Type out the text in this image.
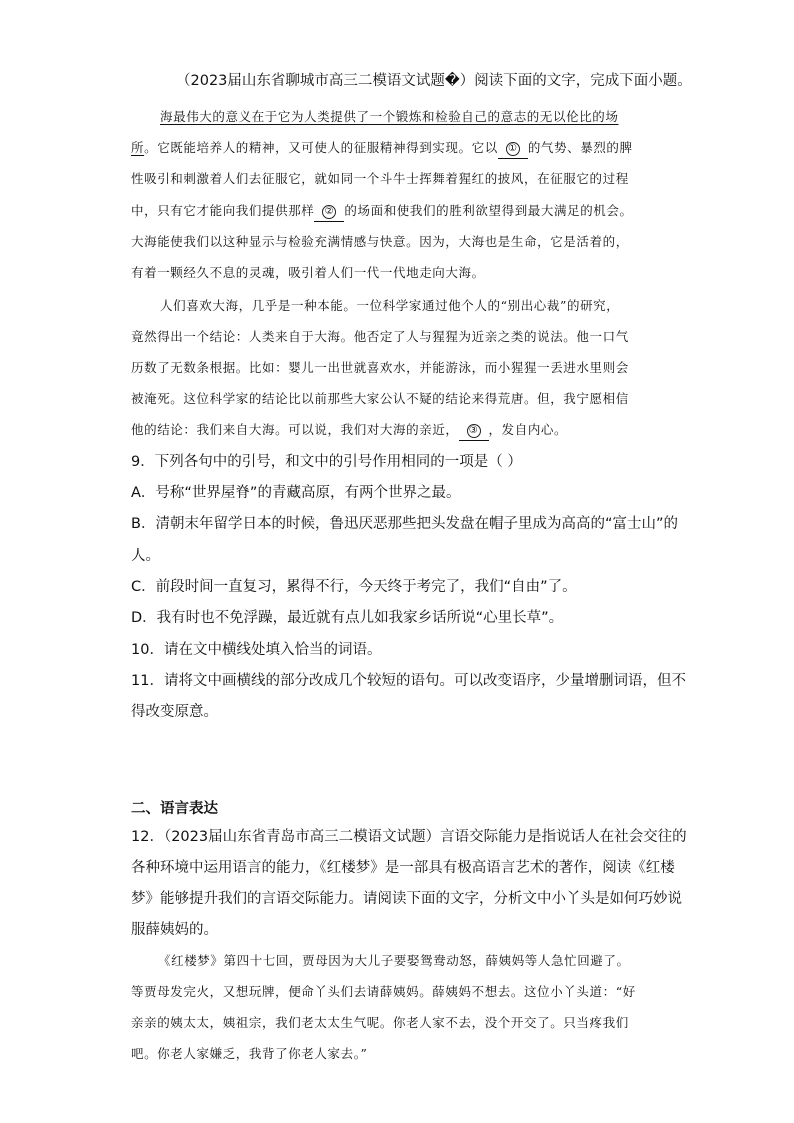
（2023届山东省聊城市高三二模语文试题�）阅读下面的文字，完成下面小题。
海最伟大的意义在于它为人类提供了一个锻炼和检验自己的意志的无以伦比的场
所。它既能培养人的精神，又可使人的征服精神得到实现。它以 ① 的气势、暴烈的脾
性吸引和刺激着人们去征服它，就如同一个斗牛士挥舞着猩红的披风，在征服它的过程
中，只有它才能向我们提供那样 ② 的场面和使我们的胜利欲望得到最大满足的机会。
大海能使我们以这种显示与检验充满情感与快意。因为，大海也是生命，它是活着的，
有着一颗经久不息的灵魂，吸引着人们一代一代地走向大海。
人们喜欢大海，几乎是一种本能。一位科学家通过他个人的“别出心裁”的研究，
竟然得出一个结论：人类来自于大海。他否定了人与猩猩为近亲之类的说法。他一口气
历数了无数条根据。比如：婴儿一出世就喜欢水，并能游泳，而小猩猩一丢进水里则会
被淹死。这位科学家的结论比以前那些大家公认不疑的结论来得荒唐。但，我宁愿相信
他的结论：我们来自大海。可以说，我们对大海的亲近， ③ ，发自内心。
9．下列各句中的引号，和文中的引号作用相同的一项是（ ）
A．号称“世界屋脊”的青藏高原，有两个世界之最。
B．清朝末年留学日本的时候，鲁迅厌恶那些把头发盘在帽子里成为高高的“富士山”的
人。
C．前段时间一直复习，累得不行，今天终于考完了，我们“自由”了。
D．我有时也不免浮躁，最近就有点儿如我家乡话所说“心里长草”。
10．请在文中横线处填入恰当的词语。
11．请将文中画横线的部分改成几个较短的语句。可以改变语序，少量增删词语，但不
得改变原意。
二、语言表达
12．（2023届山东省青岛市高三二模语文试题）言语交际能力是指说话人在社会交往的
各种环境中运用语言的能力，《红楼梦》是一部具有极高语言艺术的著作，阅读《红楼
梦》能够提升我们的言语交际能力。请阅读下面的文字，分析文中小丫头是如何巧妙说
服薛姨妈的。
《红楼梦》第四十七回，贾母因为大儿子要娶鸳鸯动怒，薛姨妈等人急忙回避了。
等贾母发完火，又想玩牌，便命丫头们去请薛姨妈。薛姨妈不想去。这位小丫头道：“好
亲亲的姨太太，姨祖宗，我们老太太生气呢。你老人家不去，没个开交了。只当疼我们
吧。你老人家嫌乏，我背了你老人家去。”
